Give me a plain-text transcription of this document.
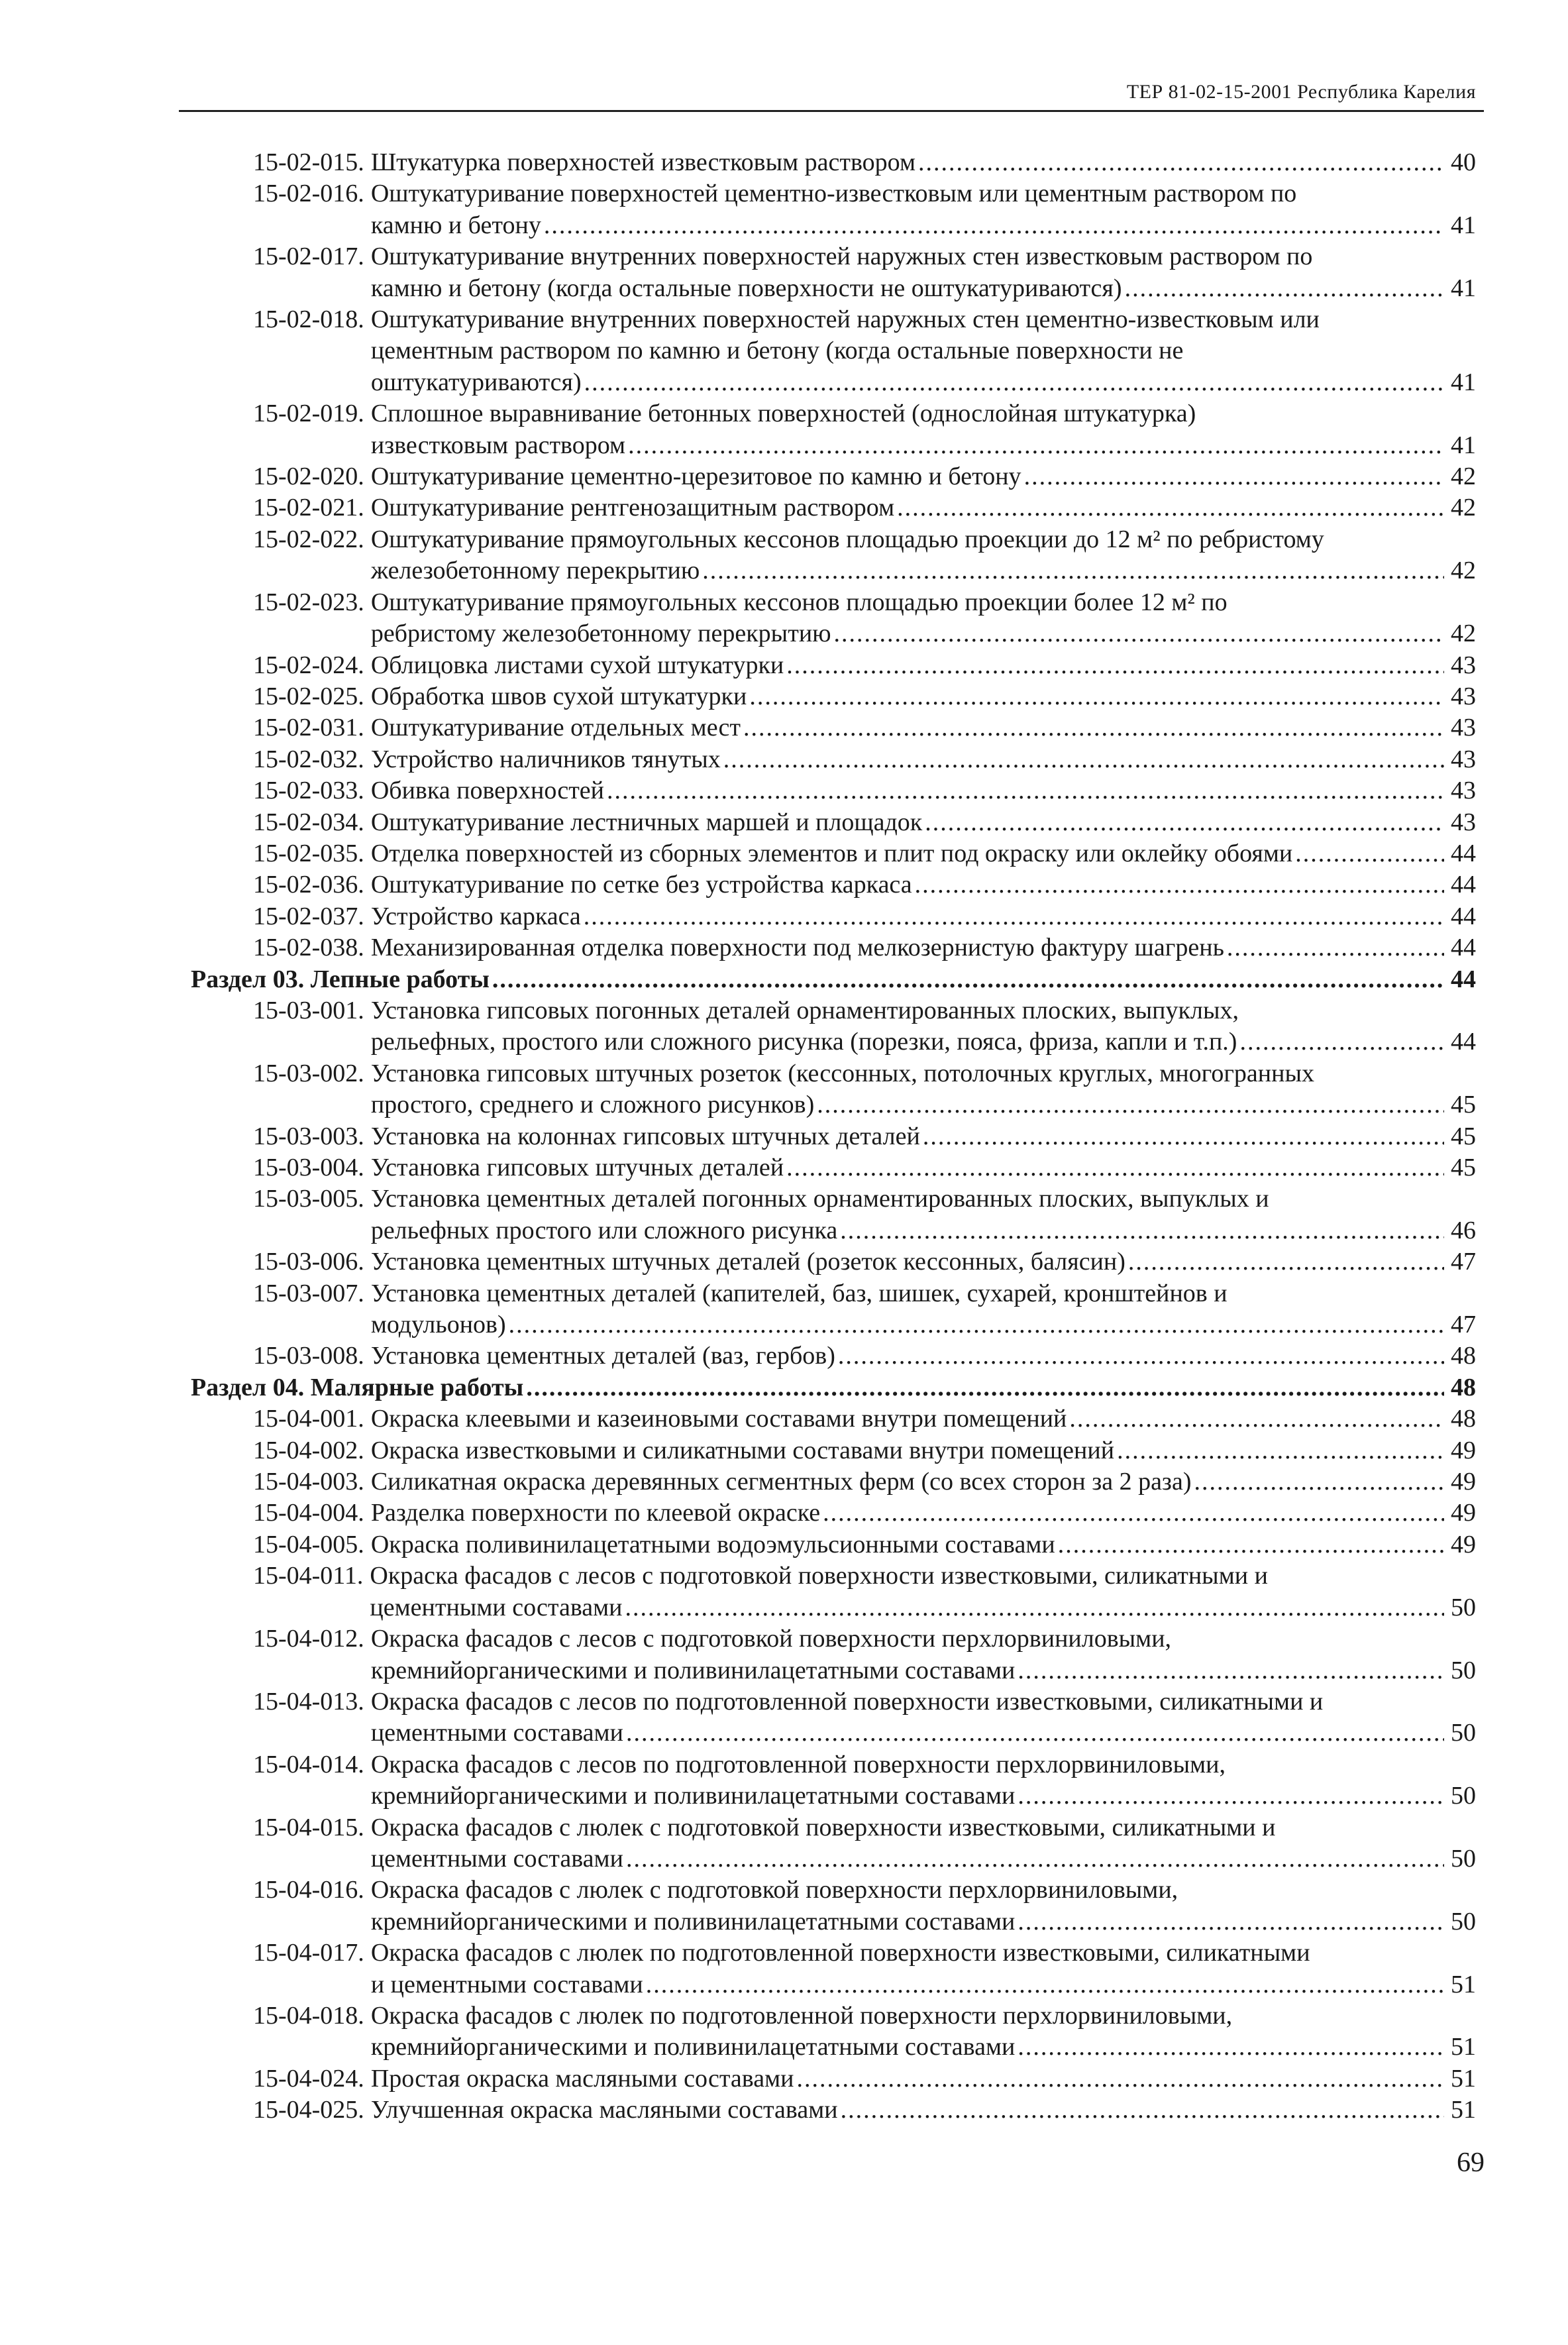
ТЕР 81-02-15-2001 Республика Карелия
15-02-015. Штукатурка поверхностей известковым раствором .....	40
15-02-016. Оштукатуривание поверхностей цементно-известковым или цементным раствором по
камню и бетону .....	41
15-02-017. Оштукатуривание внутренних поверхностей наружных стен известковым раствором по
камню и бетону (когда остальные поверхности не оштукатуриваются) .....	41
15-02-018. Оштукатуривание внутренних поверхностей наружных стен цементно-известковым или
цементным раствором по камню и бетону (когда остальные поверхности не
оштукатуриваются) .....	41
15-02-019. Сплошное выравнивание бетонных поверхностей (однослойная штукатурка)
известковым раствором .....	41
15-02-020. Оштукатуривание цементно-церезитовое по камню и бетону .....	42
15-02-021. Оштукатуривание рентгенозащитным раствором .....	42
15-02-022. Оштукатуривание прямоугольных кессонов площадью проекции до 12 м² по ребристому
железобетонному перекрытию .....	42
15-02-023. Оштукатуривание прямоугольных кессонов площадью проекции более 12 м² по
ребристому железобетонному перекрытию .....	42
15-02-024. Облицовка листами сухой штукатурки .....	43
15-02-025. Обработка швов сухой штукатурки .....	43
15-02-031. Оштукатуривание отдельных мест .....	43
15-02-032. Устройство наличников тянутых .....	43
15-02-033. Обивка поверхностей .....	43
15-02-034. Оштукатуривание лестничных маршей и площадок .....	43
15-02-035. Отделка поверхностей из сборных элементов и плит под окраску или оклейку обоями .....	44
15-02-036. Оштукатуривание по сетке без устройства каркаса .....	44
15-02-037. Устройство каркаса .....	44
15-02-038. Механизированная отделка поверхности под мелкозернистую фактуру шагрень .....	44
Раздел 03. Лепные работы .....	44
15-03-001. Установка гипсовых погонных деталей орнаментированных плоских, выпуклых,
рельефных, простого или сложного рисунка (порезки, пояса, фриза, капли и т.п.) .....	44
15-03-002. Установка гипсовых штучных розеток (кессонных, потолочных круглых, многогранных
простого, среднего и сложного рисунков) .....	45
15-03-003. Установка на колоннах гипсовых штучных деталей .....	45
15-03-004. Установка гипсовых штучных деталей .....	45
15-03-005. Установка цементных деталей погонных орнаментированных плоских, выпуклых и
рельефных простого или сложного рисунка .....	46
15-03-006. Установка цементных штучных деталей (розеток кессонных, балясин) .....	47
15-03-007. Установка цементных деталей (капителей, баз, шишек, сухарей, кронштейнов и
модульонов) .....	47
15-03-008. Установка цементных деталей (ваз, гербов) .....	48
Раздел 04. Малярные работы .....	48
15-04-001. Окраска клеевыми и казеиновыми составами внутри помещений .....	48
15-04-002. Окраска известковыми и силикатными составами внутри помещений .....	49
15-04-003. Силикатная окраска деревянных сегментных ферм (со всех сторон за 2 раза) .....	49
15-04-004. Разделка поверхности по клеевой окраске .....	49
15-04-005. Окраска поливинилацетатными водоэмульсионными составами .....	49
15-04-011. Окраска фасадов с лесов с подготовкой поверхности известковыми, силикатными и
цементными составами .....	50
15-04-012. Окраска фасадов с лесов с подготовкой поверхности перхлорвиниловыми,
кремнийорганическими и поливинилацетатными составами .....	50
15-04-013. Окраска фасадов с лесов по подготовленной поверхности известковыми, силикатными и
цементными составами .....	50
15-04-014. Окраска фасадов с лесов по подготовленной поверхности перхлорвиниловыми,
кремнийорганическими и поливинилацетатными составами .....	50
15-04-015. Окраска фасадов с люлек с подготовкой поверхности известковыми, силикатными и
цементными составами .....	50
15-04-016. Окраска фасадов с люлек с подготовкой поверхности перхлорвиниловыми,
кремнийорганическими и поливинилацетатными составами .....	50
15-04-017. Окраска фасадов с люлек по подготовленной поверхности известковыми, силикатными
и цементными составами .....	51
15-04-018. Окраска фасадов с люлек по подготовленной поверхности перхлорвиниловыми,
кремнийорганическими и поливинилацетатными составами .....	51
15-04-024. Простая окраска масляными составами .....	51
15-04-025. Улучшенная окраска масляными составами .....	51
69
